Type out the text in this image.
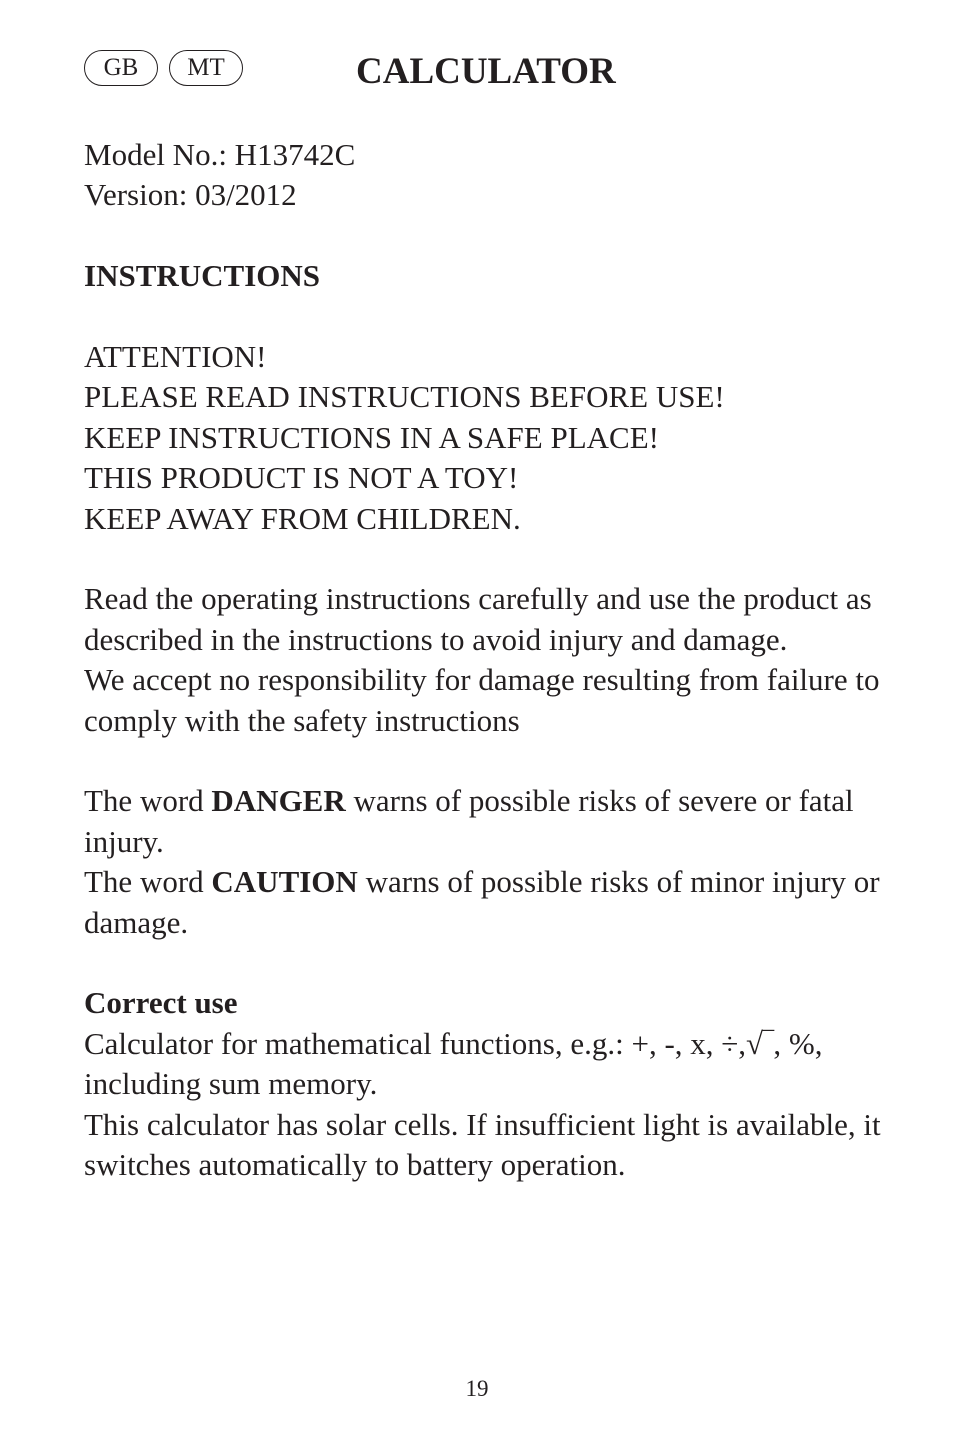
GB	MT	CALCULATOR

Model No.: H13742C

Version: 03/2012

INSTRUCTIONS

ATTENTION!

PLEASE READ INSTRUCTIONS BEFORE USE!

KEEP INSTRUCTIONS IN A SAFE PLACE!

THIS PRODUCT IS NOT A TOY!

KEEP AWAY FROM CHILDREN.

Read the operating instructions carefully and use the product as described in the instructions to avoid injury and damage.

We accept no responsibility for damage resulting from failure to comply with the safety instructions

The word DANGER warns of possible risks of severe or fatal injury.

The word CAUTION warns of possible risks of minor injury or damage.

Correct use

Calculator for mathematical functions, e.g.: +, -, x, ÷,√‾, %, including sum memory.

This calculator has solar cells. If insufficient light is available, it switches automatically to battery operation.

19
